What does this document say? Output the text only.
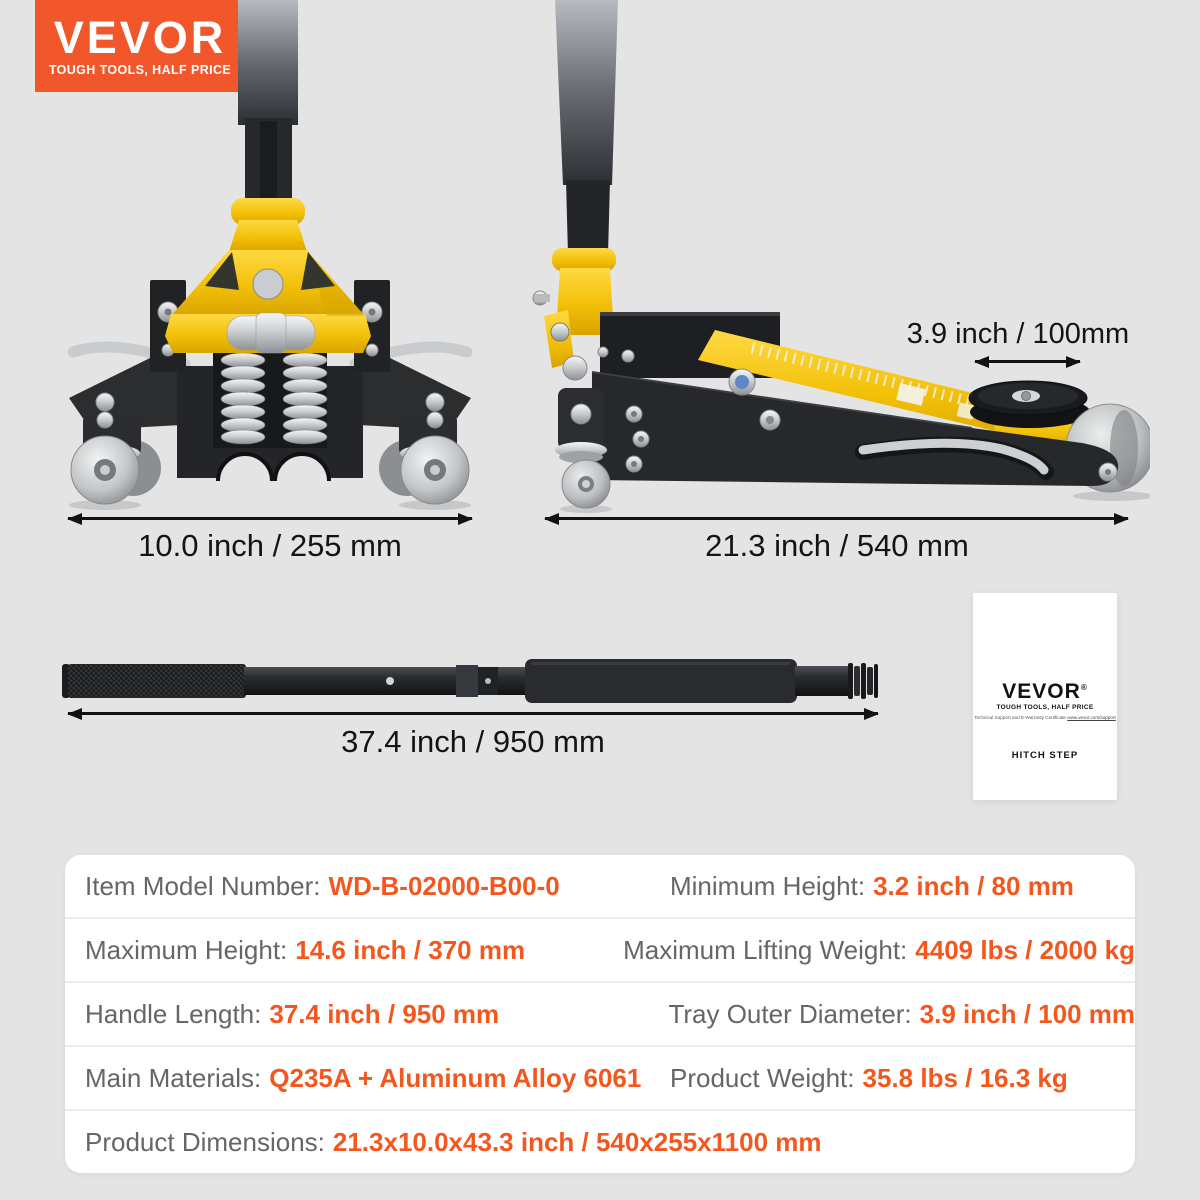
VEVOR
TOUGH TOOLS, HALF PRICE
10.0 inch / 255 mm	21.3 inch / 540 mm
3.9 inch / 100mm
37.4 inch / 950 mm
VEVOR®
TOUGH TOOLS, HALF PRICE
Technical Support and E-Warranty Certificate www.vevor.com/support
HITCH STEP
Item Model Number: WD-B-02000-B00-0	Minimum Height: 3.2 inch / 80 mm
Maximum Height: 14.6 inch / 370 mm	Maximum Lifting Weight: 4409 lbs / 2000 kg
Handle Length: 37.4 inch / 950 mm	Tray Outer Diameter: 3.9 inch / 100 mm
Main Materials: Q235A + Aluminum Alloy 6061	Product Weight: 35.8 lbs / 16.3 kg
Product Dimensions: 21.3x10.0x43.3 inch / 540x255x1100 mm
